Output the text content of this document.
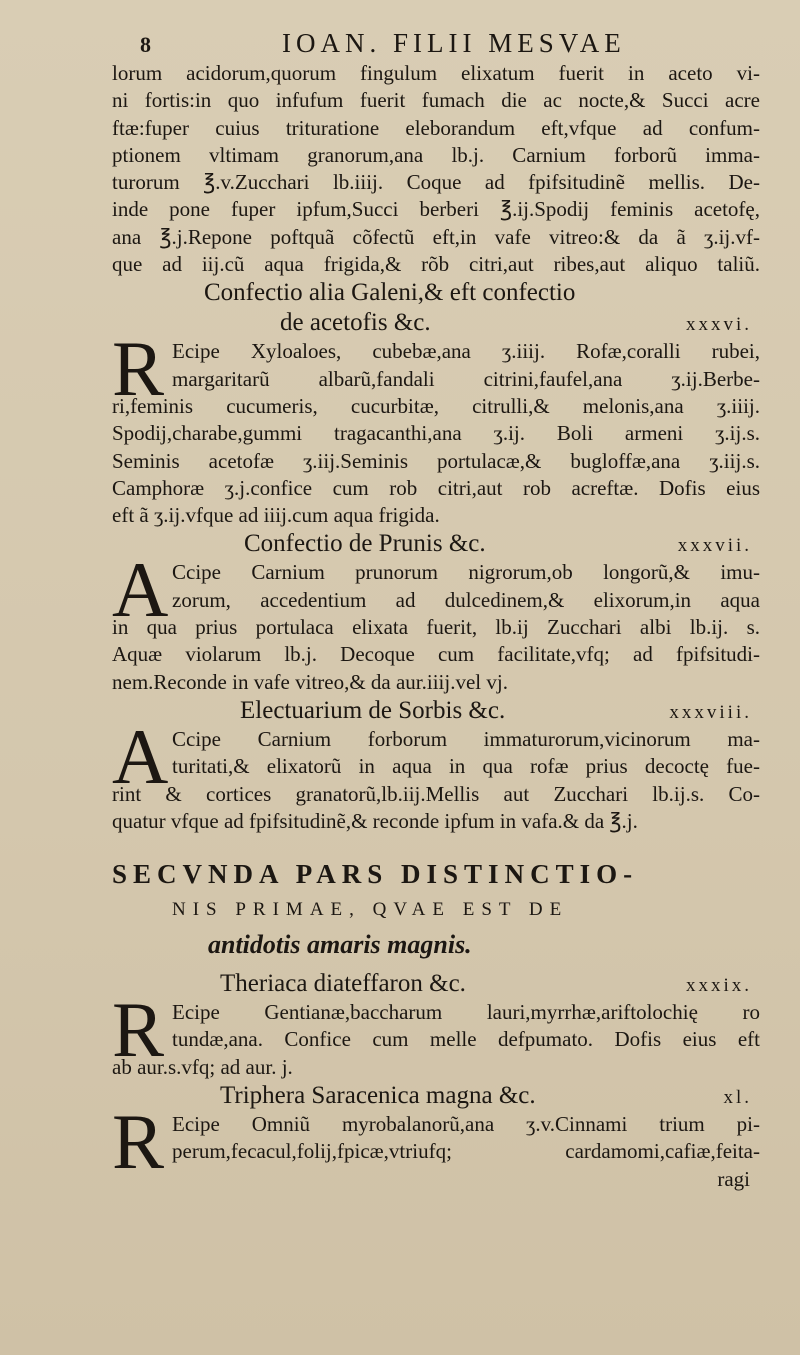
8	IOAN. FILII MESVAE
lorum acidorum,quorum fingulum elixatum fuerit in aceto vi-
ni fortis:in quo infufum fuerit fumach die ac nocte,& Succi acre
ftæ:fuper cuius trituratione eleborandum eft,vfque ad confum-
ptionem vltimam granorum,ana lb.j. Carnium forborũ imma-
turorum ℥.v.Zucchari lb.iiij. Coque ad fpifsitudinẽ mellis. De-
inde pone fuper ipfum,Succi berberi ℥.ij.Spodij feminis acetofę,
ana ℥.j.Repone poftquã cõfectũ eft,in vafe vitreo:& da ã ʒ.ij.vf-
que ad iij.cũ aqua frigida,& rõb citri,aut ribes,aut aliquo taliũ.
Confectio alia Galeni,& eft confectio
de acetofis &c.	xxxvi.
R Ecipe Xyloaloes, cubebæ,ana ʒ.iiij. Rofæ,coralli rubei,
margaritarũ albarũ,fandali citrini,faufel,ana ʒ.ij.Berbe-
ri,feminis cucumeris, cucurbitæ, citrulli,& melonis,ana ʒ.iiij.
Spodij,charabe,gummi tragacanthi,ana ʒ.ij. Boli armeni ʒ.ij.s.
Seminis acetofæ ʒ.iij.Seminis portulacæ,& bugloffæ,ana ʒ.iij.s.
Camphoræ ʒ.j.confice cum rob citri,aut rob acreftæ. Dofis eius
eft ã ʒ.ij.vfque ad iiij.cum aqua frigida.
Confectio de Prunis &c.	xxxvii.
A Ccipe Carnium prunorum nigrorum,ob longorũ,& imu-
zorum, accedentium ad dulcedinem,& elixorum,in aqua
in qua prius portulaca elixata fuerit, lb.ij Zucchari albi lb.ij. s.
Aquæ violarum lb.j. Decoque cum facilitate,vfq; ad fpifsitudi-
nem.Reconde in vafe vitreo,& da aur.iiij.vel vj.
Electuarium de Sorbis &c.	xxxviii.
A Ccipe Carnium forborum immaturorum,vicinorum ma-
turitati,& elixatorũ in aqua in qua rofæ prius decoctę fue-
rint & cortices granatorũ,lb.iij.Mellis aut Zucchari lb.ij.s. Co-
quatur vfque ad fpifsitudinẽ,& reconde ipfum in vafa.& da ℥.j.
SECVNDA PARS DISTINCTIO-
NIS PRIMAE, QVAE EST DE
antidotis amaris magnis.
Theriaca diateffaron &c.	xxxix.
R Ecipe Gentianæ,baccharum lauri,myrrhæ,ariftolochię ro
tundæ,ana. Confice cum melle defpumato. Dofis eius eft
ab aur.s.vfq; ad aur. j.
Triphera Saracenica magna &c.	xl.
R Ecipe Omniũ myrobalanorũ,ana ʒ.v.Cinnami trium pi-
perum,fecacul,folij,fpicæ,vtriufq; cardamomi,cafiæ,feita-
ragi
